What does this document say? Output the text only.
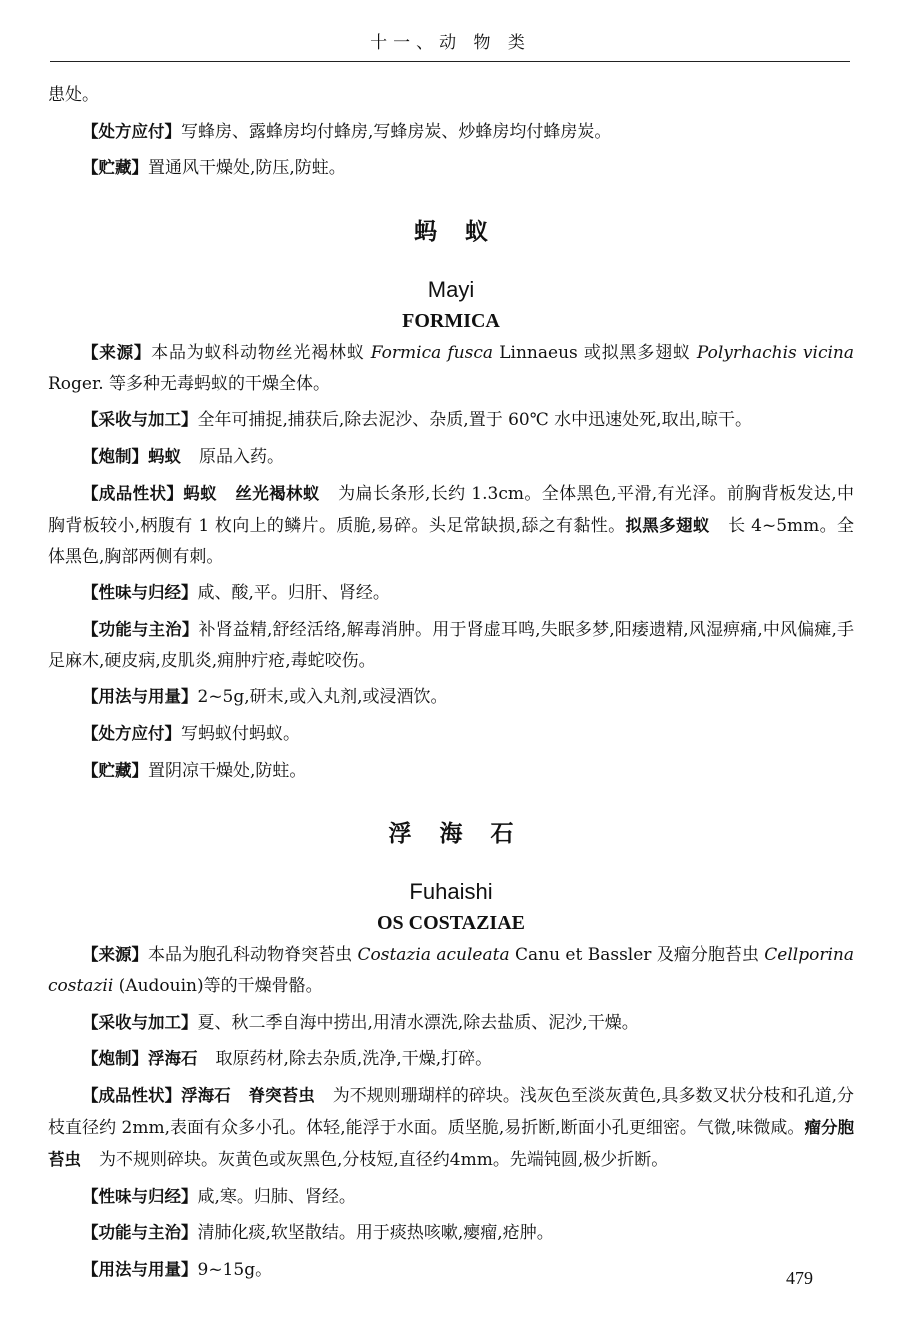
十一、动 物 类

患处。

【处方应付】写蜂房、露蜂房均付蜂房,写蜂房炭、炒蜂房均付蜂房炭。

【贮藏】置通风干燥处,防压,防蛀。

蚂蚁
Mayi
FORMICA

【来源】本品为蚁科动物丝光褐林蚁 Formica fusca Linnaeus 或拟黑多翅蚁 Polyrhachis vicina Roger. 等多种无毒蚂蚁的干燥全体。

【采收与加工】全年可捕捉,捕获后,除去泥沙、杂质,置于 60℃ 水中迅速处死,取出,晾干。

【炮制】蚂蚁 原品入药。

【成品性状】蚂蚁 丝光褐林蚁 为扁长条形,长约 1.3cm。全体黑色,平滑,有光泽。前胸背板发达,中胸背板较小,柄腹有 1 枚向上的鳞片。质脆,易碎。头足常缺损,舔之有黏性。拟黑多翅蚁 长 4~5mm。全体黑色,胸部两侧有刺。

【性味与归经】咸、酸,平。归肝、肾经。

【功能与主治】补肾益精,舒经活络,解毒消肿。用于肾虚耳鸣,失眠多梦,阳痿遗精,风湿痹痛,中风偏瘫,手足麻木,硬皮病,皮肌炎,痈肿疔疮,毒蛇咬伤。

【用法与用量】2~5g,研末,或入丸剂,或浸酒饮。

【处方应付】写蚂蚁付蚂蚁。

【贮藏】置阴凉干燥处,防蛀。

浮海石
Fuhaishi
OS COSTAZIAE

【来源】本品为胞孔科动物脊突苔虫 Costazia aculeata Canu et Bassler 及瘤分胞苔虫 Cellporina costazii (Audouin)等的干燥骨骼。

【采收与加工】夏、秋二季自海中捞出,用清水漂洗,除去盐质、泥沙,干燥。

【炮制】浮海石 取原药材,除去杂质,洗净,干燥,打碎。

【成品性状】浮海石 脊突苔虫 为不规则珊瑚样的碎块。浅灰色至淡灰黄色,具多数叉状分枝和孔道,分枝直径约 2mm,表面有众多小孔。体轻,能浮于水面。质坚脆,易折断,断面小孔更细密。气微,味微咸。瘤分胞苔虫 为不规则碎块。灰黄色或灰黑色,分枝短,直径约4mm。先端钝圆,极少折断。

【性味与归经】咸,寒。归肺、肾经。

【功能与主治】清肺化痰,软坚散结。用于痰热咳嗽,瘿瘤,疮肿。

【用法与用量】9~15g。	479
